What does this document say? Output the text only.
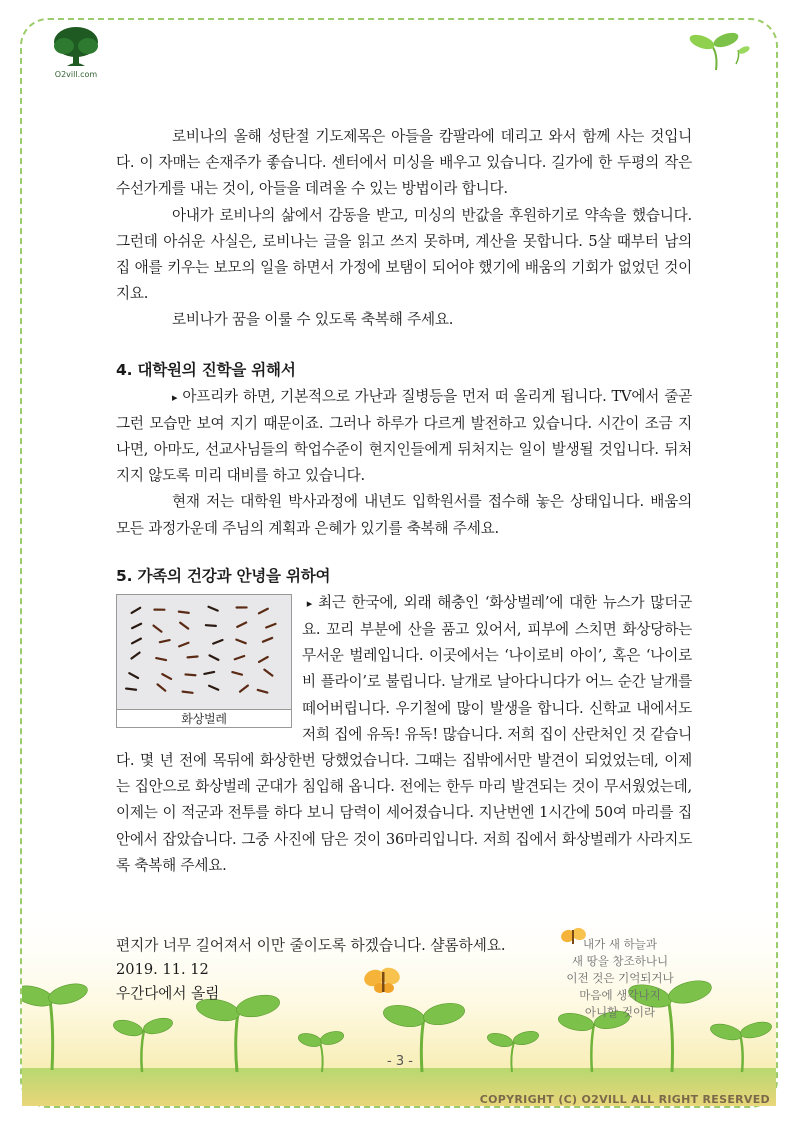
O2vill.com

로비나의 올해 성탄절 기도제목은 아들을 캄팔라에 데리고 와서 함께 사는 것입니다. 이 자매는 손재주가 좋습니다. 센터에서 미싱을 배우고 있습니다. 길가에 한 두평의 작은 수선가게를 내는 것이, 아들을 데려올 수 있는 방법이라 합니다.

아내가 로비나의 삶에서 감동을 받고, 미싱의 반값을 후원하기로 약속을 했습니다. 그런데 아쉬운 사실은, 로비나는 글을 읽고 쓰지 못하며, 계산을 못합니다. 5살 때부터 남의 집 애를 키우는 보모의 일을 하면서 가정에 보탬이 되어야 했기에 배움의 기회가 없었던 것이지요.

로비나가 꿈을 이룰 수 있도록 축복해 주세요.

4. 대학원의 진학을 위해서

▸ 아프리카 하면, 기본적으로 가난과 질병등을 먼저 떠 올리게 됩니다. TV에서 줄곧 그런 모습만 보여 지기 때문이죠. 그러나 하루가 다르게 발전하고 있습니다. 시간이 조금 지나면, 아마도, 선교사님들의 학업수준이 현지인들에게 뒤처지는 일이 발생될 것입니다. 뒤처지지 않도록 미리 대비를 하고 있습니다.

현재 저는 대학원 박사과정에 내년도 입학원서를 접수해 놓은 상태입니다. 배움의 모든 과정가운데 주님의 계획과 은혜가 있기를 축복해 주세요.

5. 가족의 건강과 안녕을 위하여
화상벌레

▸ 최근 한국에, 외래 해충인 ‘화상벌레’에 대한 뉴스가 많더군요. 꼬리 부분에 산을 품고 있어서, 피부에 스치면 화상당하는 무서운 벌레입니다. 이곳에서는 ‘나이로비 아이’, 혹은 ‘나이로비 플라이’로 불립니다. 날개로 날아다니다가 어느 순간 날개를 떼어버립니다. 우기철에 많이 발생을 합니다. 신학교 내에서도 저희 집에 유독! 유독! 많습니다. 저희 집이 산란처인 것 같습니다. 몇 년 전에 목뒤에 화상한번 당했었습니다. 그때는 집밖에서만 발견이 되었었는데, 이제는 집안으로 화상벌레 군대가 침입해 옵니다. 전에는 한두 마리 발견되는 것이 무서웠었는데, 이제는 이 적군과 전투를 하다 보니 담력이 세어졌습니다. 지난번엔 1시간에 50여 마리를 집안에서 잡았습니다. 그중 사진에 담은 것이 36마리입니다. 저희 집에서 화상벌레가 사라지도록 축복해 주세요.

내가 새 하늘과
새 땅을 창조하나니
이전 것은 기억되거나
마음에 생각나지
아니할 것이라

편지가 너무 길어져서 이만 줄이도록 하겠습니다. 샬롬하세요.

2019. 11. 12

우간다에서 올림

- 3 -
COPYRIGHT (C) O2VILL ALL RIGHT RESERVED
